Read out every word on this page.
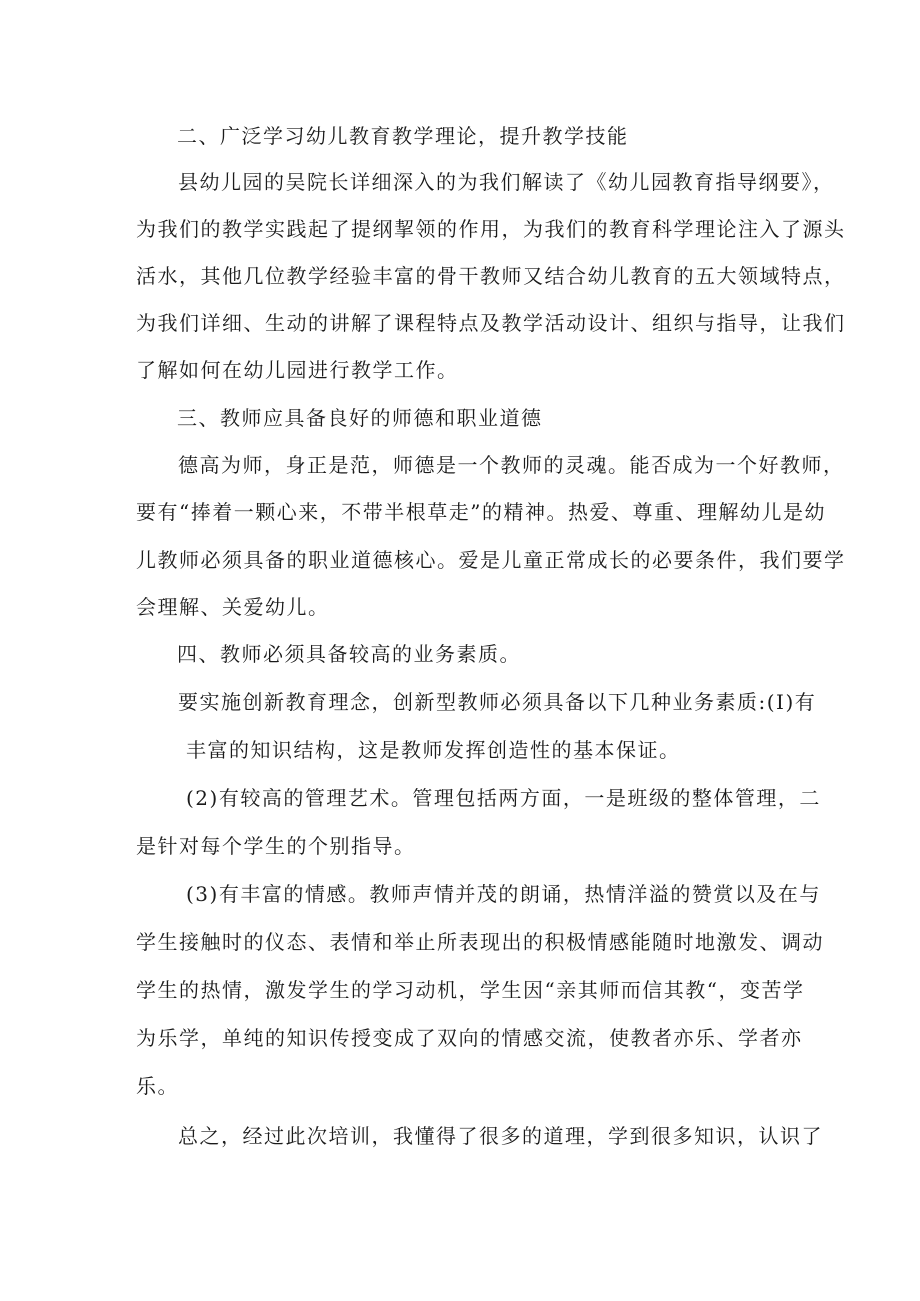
二、广泛学习幼儿教育教学理论，提升教学技能
县幼儿园的吴院长详细深入的为我们解读了《幼儿园教育指导纲要》，
为我们的教学实践起了提纲挈领的作用，为我们的教育科学理论注入了源头
活水，其他几位教学经验丰富的骨干教师又结合幼儿教育的五大领域特点，
为我们详细、生动的讲解了课程特点及教学活动设计、组织与指导，让我们
了解如何在幼儿园进行教学工作。
三、教师应具备良好的师德和职业道德
德高为师，身正是范，师德是一个教师的灵魂。能否成为一个好教师，
要有“捧着一颗心来，不带半根草走”的精神。热爱、尊重、理解幼儿是幼
儿教师必须具备的职业道德核心。爱是儿童正常成长的必要条件，我们要学
会理解、关爱幼儿。
四、教师必须具备较高的业务素质。
要实施创新教育理念，创新型教师必须具备以下几种业务素质:(I)有
丰富的知识结构，这是教师发挥创造性的基本保证。
(2)有较高的管理艺术。管理包括两方面，一是班级的整体管理，二
是针对每个学生的个别指导。
(3)有丰富的情感。教师声情并茂的朗诵，热情洋溢的赞赏以及在与
学生接触时的仪态、表情和举止所表现出的积极情感能随时地激发、调动
学生的热情，激发学生的学习动机，学生因“亲其师而信其教“，变苦学
为乐学，单纯的知识传授变成了双向的情感交流，使教者亦乐、学者亦
乐。
总之，经过此次培训，我懂得了很多的道理，学到很多知识，认识了
